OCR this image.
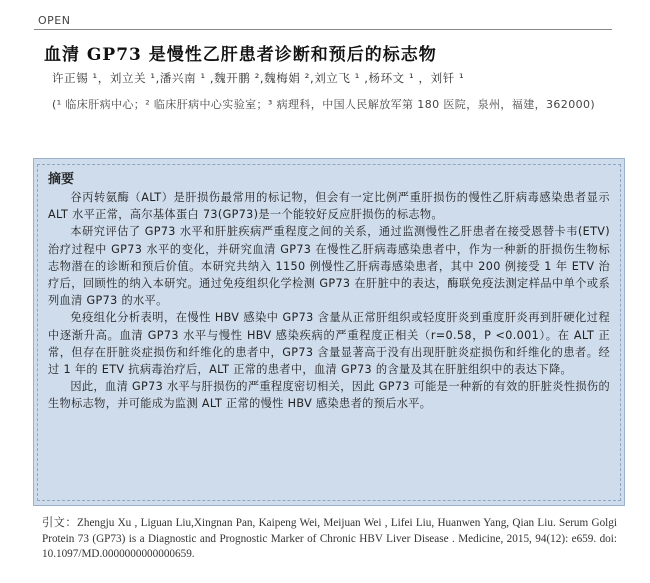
OPEN
血清 GP73 是慢性乙肝患者诊断和预后的标志物
许正锡 ¹，刘立关 ¹,潘兴南 ¹ ,魏开鹏 ²,魏梅娟 ²,刘立飞 ¹ ,杨环文 ¹ ，刘钎 ¹
(¹ 临床肝病中心；² 临床肝病中心实验室；³ 病理科，中国人民解放军第 180 医院，泉州，福建，362000)
摘要

谷丙转氨酶（ALT）是肝损伤最常用的标记物，但会有一定比例严重肝损伤的慢性乙肝病毒感染患者显示 ALT 水平正常，高尔基体蛋白 73(GP73)是一个能较好反应肝损伤的标志物。

本研究评估了 GP73 水平和肝脏疾病严重程度之间的关系，通过监测慢性乙肝患者在接受恩替卡韦(ETV)治疗过程中 GP73 水平的变化，并研究血清 GP73 在慢性乙肝病毒感染患者中，作为一种新的肝损伤生物标志物潜在的诊断和预后价值。本研究共纳入 1150 例慢性乙肝病毒感染患者，其中 200 例接受 1 年 ETV 治疗后，回顾性的纳入本研究。通过免疫组织化学检测 GP73 在肝脏中的表达，酶联免疫法测定样品中单个或系列血清 GP73 的水平。

免疫组化分析表明，在慢性 HBV 感染中 GP73 含量从正常肝组织或轻度肝炎到重度肝炎再到肝硬化过程中逐渐升高。血清 GP73 水平与慢性 HBV 感染疾病的严重程度正相关（r=0.58，P <0.001）。在 ALT 正常，但存在肝脏炎症损伤和纤维化的患者中，GP73 含量显著高于没有出现肝脏炎症损伤和纤维化的患者。经过 1 年的 ETV 抗病毒治疗后，ALT 正常的患者中，血清 GP73 的含量及其在肝脏组织中的表达下降。

因此，血清 GP73 水平与肝损伤的严重程度密切相关，因此 GP73 可能是一种新的有效的肝脏炎性损伤的生物标志物，并可能成为监测 ALT 正常的慢性 HBV 感染患者的预后水平。

引文：Zhengju Xu , Liguan Liu,Xingnan Pan, Kaipeng Wei, Meijuan Wei , Lifei Liu, Huanwen Yang, Qian Liu. Serum Golgi Protein 73 (GP73) is a Diagnostic and Prognostic Marker of Chronic HBV Liver Disease . Medicine, 2015, 94(12): e659. doi: 10.1097/MD.0000000000000659.
